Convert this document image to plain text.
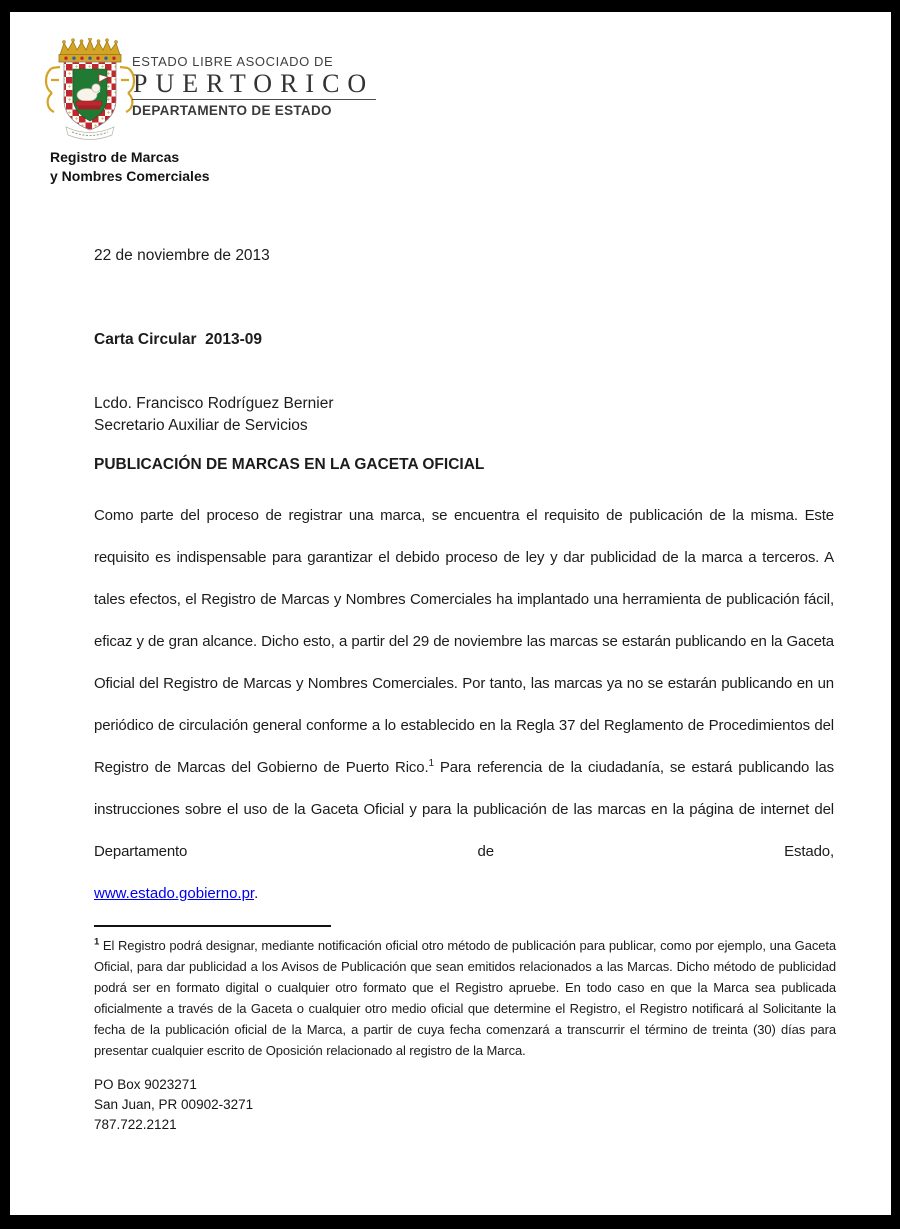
ESTADO LIBRE ASOCIADO DE
PUERTORICO
DEPARTAMENTO DE ESTADO
Registro de Marcas
y Nombres Comerciales
22 de noviembre de 2013
Carta Circular  2013-09
Lcdo. Francisco Rodríguez Bernier
Secretario Auxiliar de Servicios
PUBLICACIÓN DE MARCAS EN LA GACETA OFICIAL

Como parte del proceso de registrar una marca, se encuentra el requisito de publicación de la misma. Este requisito es indispensable para garantizar el debido proceso de ley y dar publicidad de la marca a terceros. A tales efectos, el Registro de Marcas y Nombres Comerciales ha implantado una herramienta de publicación fácil, eficaz y de gran alcance. Dicho esto, a partir del 29 de noviembre las marcas se estarán publicando en la Gaceta Oficial del Registro de Marcas y Nombres Comerciales. Por tanto, las marcas ya no se estarán publicando en un periódico de circulación general conforme a lo establecido en la Regla 37 del Reglamento de Procedimientos del Registro de Marcas del Gobierno de Puerto Rico.$^1$ Para referencia de la ciudadanía, se estará publicando las instrucciones sobre el uso de la Gaceta Oficial y para la publicación de las marcas en la página de internet del Departamento de Estado,

www.estado.gobierno.pr.
$^1$ El Registro podrá designar, mediante notificación oficial otro método de publicación para publicar, como por ejemplo, una Gaceta Oficial, para dar publicidad a los Avisos de Publicación que sean emitidos relacionados a las Marcas. Dicho método de publicidad podrá ser en formato digital o cualquier otro formato que el Registro apruebe. En todo caso en que la Marca sea publicada oficialmente a través de la Gaceta o cualquier otro medio oficial que determine el Registro, el Registro notificará al Solicitante la fecha de la publicación oficial de la Marca, a partir de cuya fecha comenzará a transcurrir el término de treinta (30) días para presentar cualquier escrito de Oposición relacionado al registro de la Marca.
PO Box 9023271
San Juan, PR 00902-3271
787.722.2121
